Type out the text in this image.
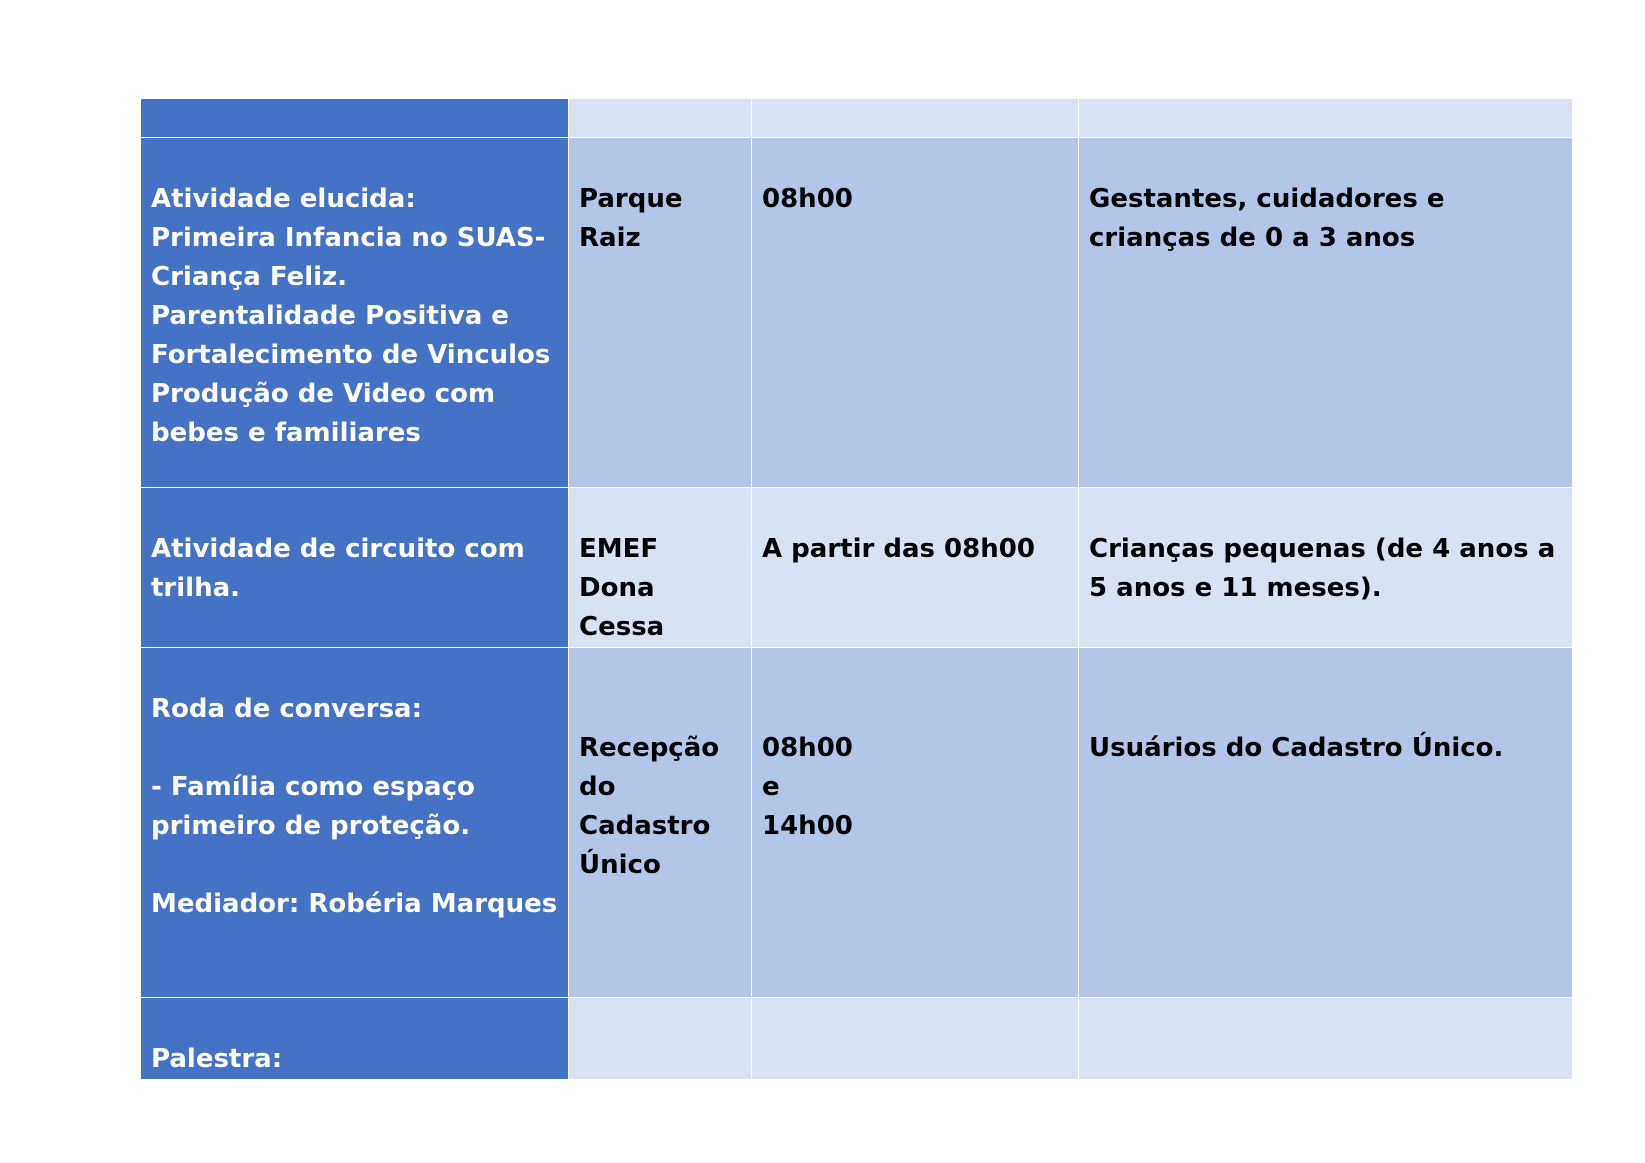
Atividade elucida:
Primeira Infancia no SUAS- Criança Feliz.
Parentalidade Positiva e Fortalecimento de Vinculos
Produção de Video com bebes e familiares	Parque
Raiz	08h00	Gestantes, cuidadores e crianças de 0 a 3 anos
Atividade de circuito com trilha.	EMEF
Dona
Cessa	A partir das 08h00	Crianças pequenas (de 4 anos a 5 anos e 11 meses).
Roda de conversa:

- Família como espaço primeiro de proteção.

Mediador: Robéria Marques	Recepção
do
Cadastro
Único	08h00
e
14h00	Usuários do Cadastro Único.
Palestra:			
